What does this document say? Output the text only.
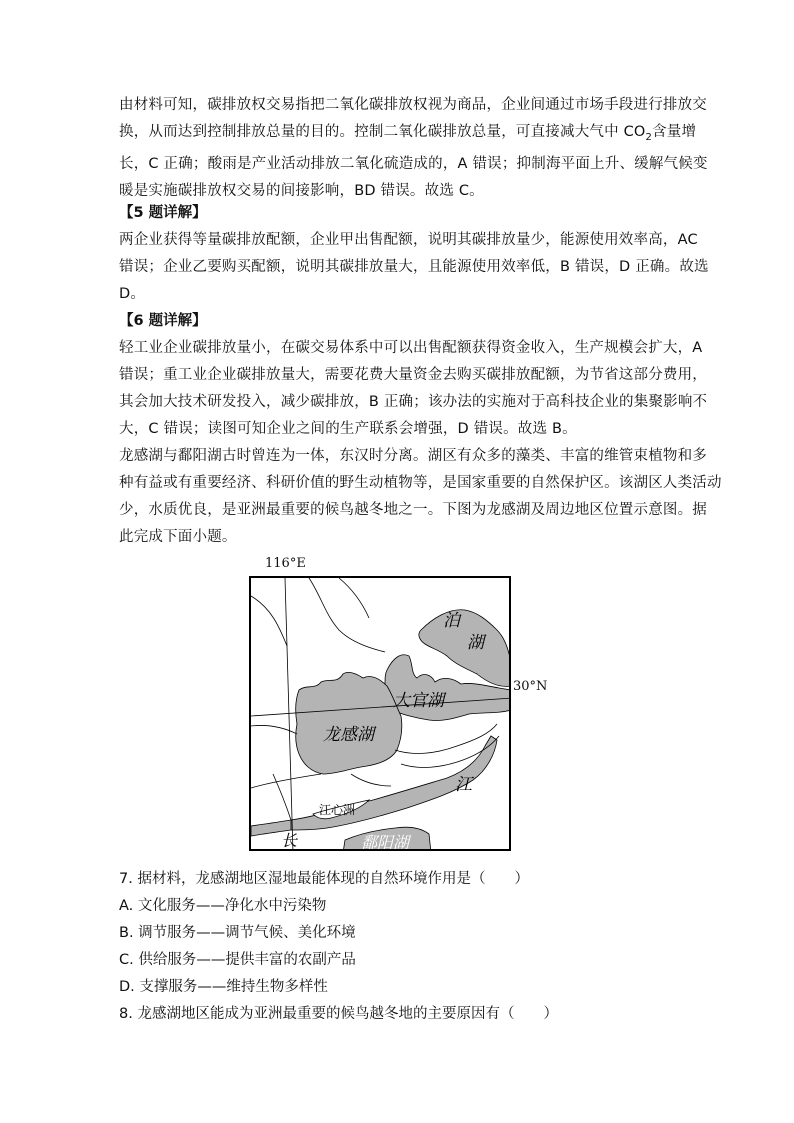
由材料可知，碳排放权交易指把二氧化碳排放权视为商品，企业间通过市场手段进行排放交
换，从而达到控制排放总量的目的。控制二氧化碳排放总量，可直接减大气中 $CO_2$含量增
长，C 正确；酸雨是产业活动排放二氧化硫造成的，A 错误；抑制海平面上升、缓解气候变
暖是实施碳排放权交易的间接影响，BD 错误。故选 C。
【5 题详解】
两企业获得等量碳排放配额，企业甲出售配额，说明其碳排放量少，能源使用效率高，AC
错误；企业乙要购买配额，说明其碳排放量大，且能源使用效率低，B 错误，D 正确。故选
D。
【6 题详解】
轻工业企业碳排放量小，在碳交易体系中可以出售配额获得资金收入，生产规模会扩大，A
错误；重工业企业碳排放量大，需要花费大量资金去购买碳排放配额，为节省这部分费用，
其会加大技术研发投入，减少碳排放，B 正确；该办法的实施对于高科技企业的集聚影响不
大，C 错误；读图可知企业之间的生产联系会增强，D 错误。故选 B。
龙感湖与鄱阳湖古时曾连为一体，东汉时分离。湖区有众多的藻类、丰富的维管束植物和多
种有益或有重要经济、科研价值的野生动植物等，是国家重要的自然保护区。该湖区人类活动
少，水质优良，是亚洲最重要的候鸟越冬地之一。下图为龙感湖及周边地区位置示意图。据
此完成下面小题。
116°E
30°N
泊
湖
大官湖
龙感湖
江
江心洲
长	鄱阳湖
7. 据材料，龙感湖地区湿地最能体现的自然环境作用是（　　）
A. 文化服务——净化水中污染物
B. 调节服务——调节气候、美化环境
C. 供给服务——提供丰富的农副产品
D. 支撑服务——维持生物多样性
8. 龙感湖地区能成为亚洲最重要的候鸟越冬地的主要原因有（　　）
